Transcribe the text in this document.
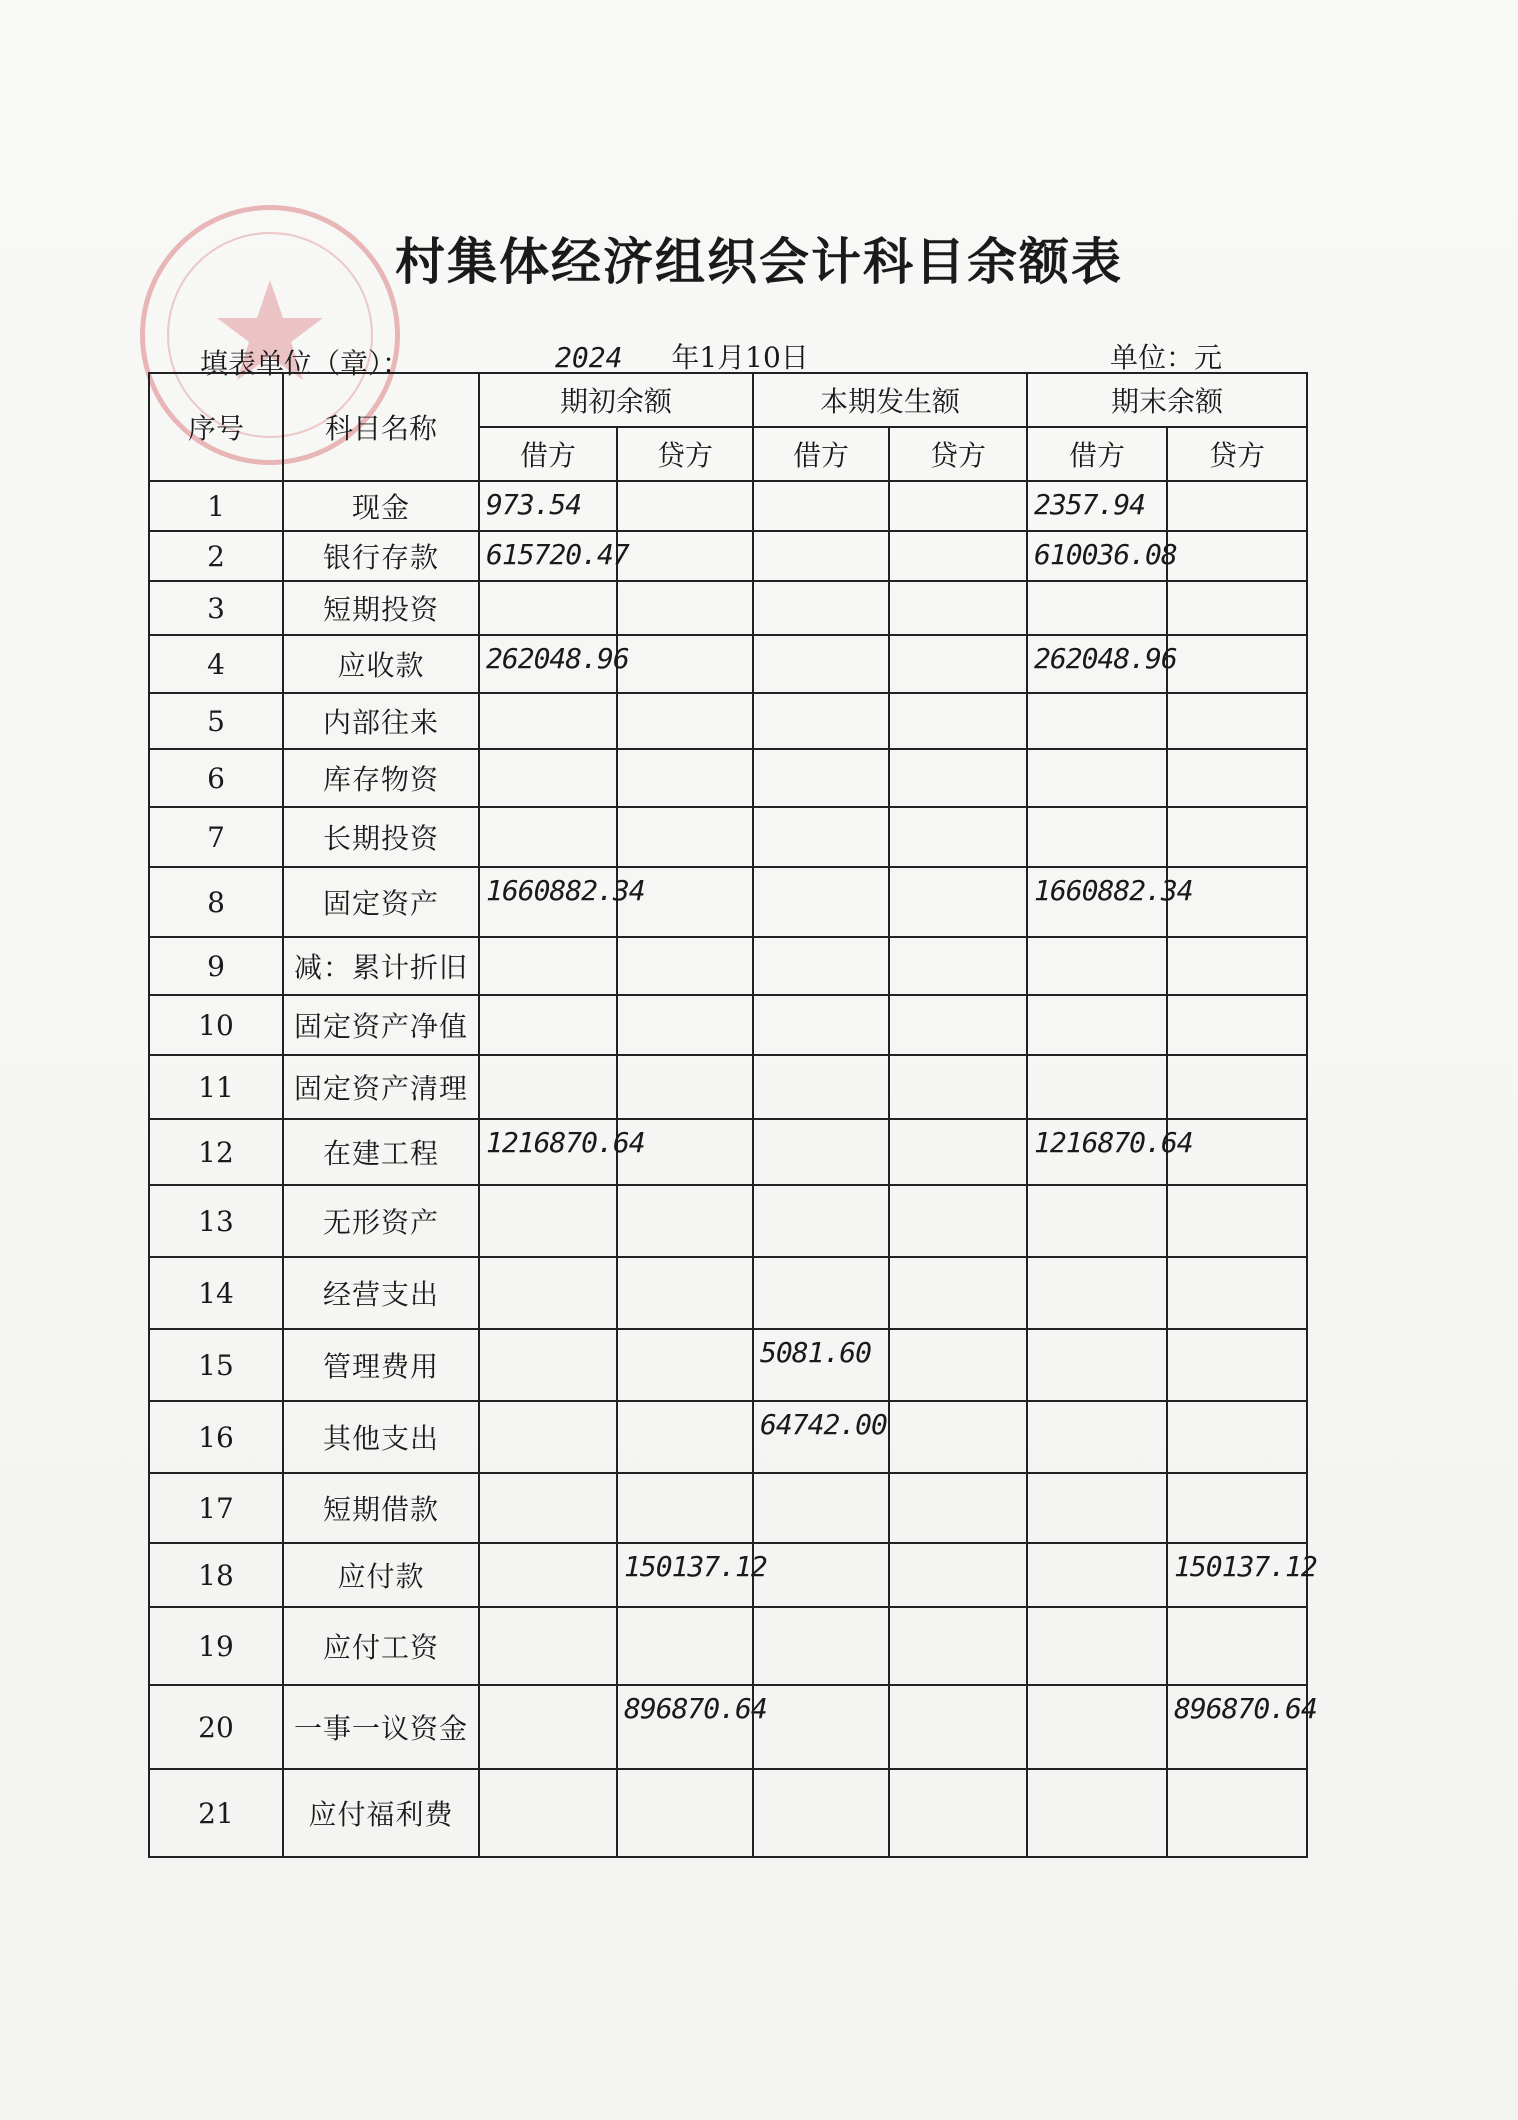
村集体经济组织会计科目余额表
填表单位（章）：	2024 年1月10日	单位：元
序号	科目名称	期初余额		本期发生额		期末余额	
		借方	贷方	借方	贷方	借方	贷方
1	现金	973.54				2357.94	
2	银行存款	615720.47				610036.08	
3	短期投资						
4	应收款	262048.96				262048.96	
5	内部往来						
6	库存物资						
7	长期投资						
8	固定资产	1660882.34				1660882.34	
9	减：累计折旧						
10	固定资产净值						
11	固定资产清理						
12	在建工程	1216870.64				1216870.64	
13	无形资产						
14	经营支出						
15	管理费用			5081.60			
16	其他支出			64742.00			
17	短期借款						
18	应付款		150137.12				150137.12
19	应付工资						
20	一事一议资金		896870.64				896870.64
21	应付福利费						
